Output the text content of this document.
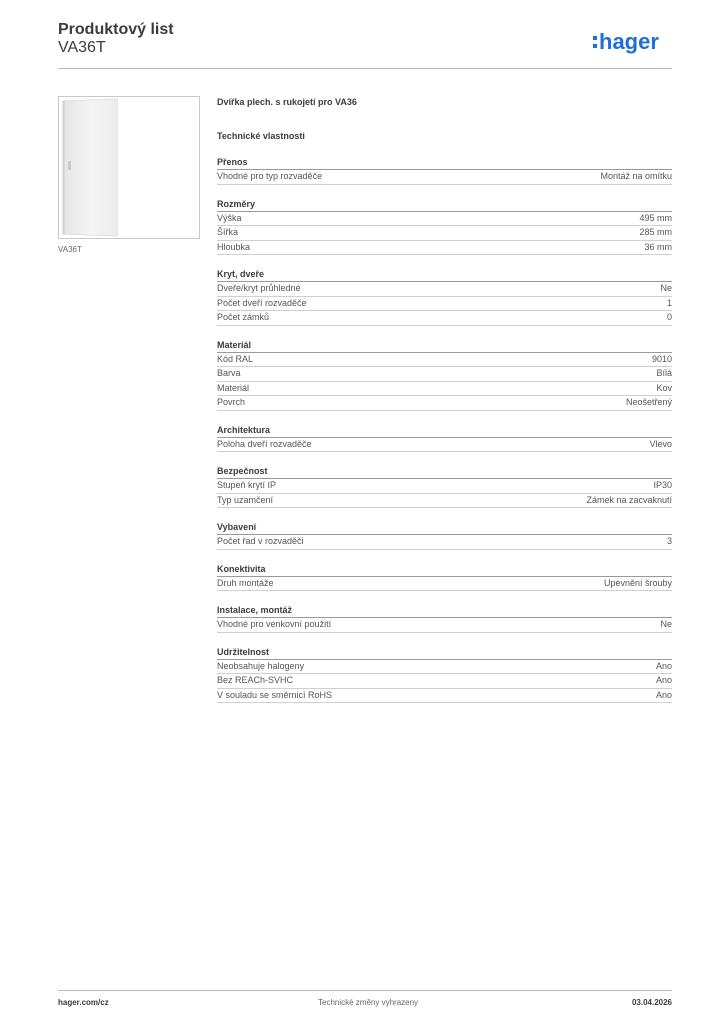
Produktový list
VA36T	hager
VA36T
Dvířka plech. s rukojetí pro VA36
Technické vlastnosti
Přenos
Vhodné pro typ rozvaděče	Montáž na omítku
Rozměry
Výška	495 mm
Šířka	285 mm
Hloubka	36 mm
Kryt, dveře
Dveře/kryt průhledné	Ne
Počet dveří rozvaděče	1
Počet zámků	0
Materiál
Kód RAL	9010
Barva	Bílá
Materiál	Kov
Povrch	Neošetřený
Architektura
Poloha dveří rozvaděče	Vlevo
Bezpečnost
Stupeň krytí IP	IP30
Typ uzamčení	Zámek na zacvaknutí
Vybavení
Počet řad v rozvaděči	3
Konektivita
Druh montáže	Upevnění šrouby
Instalace, montáž
Vhodné pro venkovní použití	Ne
Udržitelnost
Neobsahuje halogeny	Ano
Bez REACh-SVHC	Ano
V souladu se směrnicí RoHS	Ano
hager.com/cz	Technické změny vyhrazeny	03.04.2026
